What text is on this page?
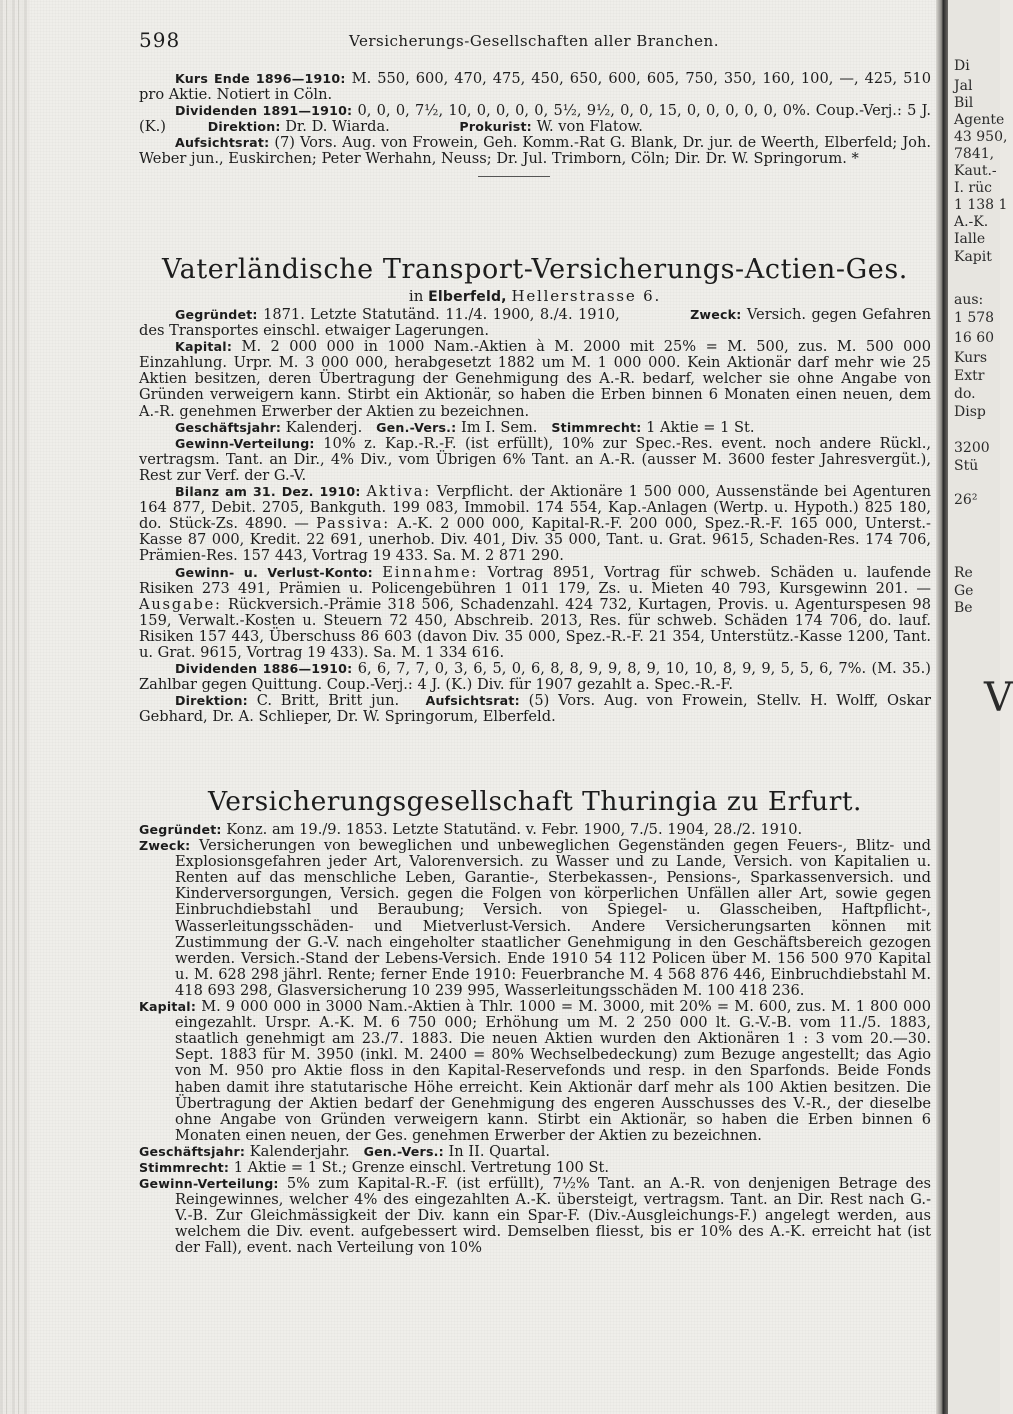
598	Versicherungs-Gesellschaften aller Branchen.

Kurs Ende 1896—1910: M. 550, 600, 470, 475, 450, 650, 600, 605, 750, 350, 160, 100, —, 425, 510 pro Aktie. Notiert in Cöln.

Dividenden 1891—1910: 0, 0, 0, 7½, 10, 0, 0, 0, 0, 5½, 9½, 0, 0, 15, 0, 0, 0, 0, 0, 0%. Coup.-Verj.: 5 J. (K.)	Direktion: Dr. D. Wiarda.	Prokurist: W. von Flatow.

Aufsichtsrat: (7) Vors. Aug. von Frowein, Geh. Komm.-Rat G. Blank, Dr. jur. de Weerth, Elberfeld; Joh. Weber jun., Euskirchen; Peter Werhahn, Neuss; Dr. Jul. Trimborn, Cöln; Dir. Dr. W. Springorum. *

Vaterländische Transport-Versicherungs-Actien-Ges.
in Elberfeld, Hellerstrasse 6.

Gegründet: 1871. Letzte Statutänd. 11./4. 1900, 8./4. 1910,	Zweck: Versich. gegen Gefahren des Transportes einschl. etwaiger Lagerungen.

Kapital: M. 2 000 000 in 1000 Nam.-Aktien à M. 2000 mit 25% = M. 500, zus. M. 500 000 Einzahlung. Urpr. M. 3 000 000, herabgesetzt 1882 um M. 1 000 000. Kein Aktionär darf mehr wie 25 Aktien besitzen, deren Übertragung der Genehmigung des A.-R. bedarf, welcher sie ohne Angabe von Gründen verweigern kann. Stirbt ein Aktionär, so haben die Erben binnen 6 Monaten einen neuen, dem A.-R. genehmen Erwerber der Aktien zu bezeichnen.

Geschäftsjahr: Kalenderj. Gen.-Vers.: Im I. Sem. Stimmrecht: 1 Aktie = 1 St.

Gewinn-Verteilung: 10% z. Kap.-R.-F. (ist erfüllt), 10% zur Spec.-Res. event. noch andere Rückl., vertragsm. Tant. an Dir., 4% Div., vom Übrigen 6% Tant. an A.-R. (ausser M. 3600 fester Jahresvergüt.), Rest zur Verf. der G.-V.

Bilanz am 31. Dez. 1910: Aktiva: Verpflicht. der Aktionäre 1 500 000, Aussenstände bei Agenturen 164 877, Debit. 2705, Bankguth. 199 083, Immobil. 174 554, Kap.-Anlagen (Wertp. u. Hypoth.) 825 180, do. Stück-Zs. 4890. — Passiva: A.-K. 2 000 000, Kapital-R.-F. 200 000, Spez.-R.-F. 165 000, Unterst.-Kasse 87 000, Kredit. 22 691, unerhob. Div. 401, Div. 35 000, Tant. u. Grat. 9615, Schaden-Res. 174 706, Prämien-Res. 157 443, Vortrag 19 433. Sa. M. 2 871 290.

Gewinn- u. Verlust-Konto: Einnahme: Vortrag 8951, Vortrag für schweb. Schäden u. laufende Risiken 273 491, Prämien u. Policengebühren 1 011 179, Zs. u. Mieten 40 793, Kursgewinn 201. — Ausgabe: Rückversich.-Prämie 318 506, Schadenzahl. 424 732, Kurtagen, Provis. u. Agenturspesen 98 159, Verwalt.-Kosten u. Steuern 72 450, Abschreib. 2013, Res. für schweb. Schäden 174 706, do. lauf. Risiken 157 443, Überschuss 86 603 (davon Div. 35 000, Spez.-R.-F. 21 354, Unterstütz.-Kasse 1200, Tant. u. Grat. 9615, Vortrag 19 433). Sa. M. 1 334 616.

Dividenden 1886—1910: 6, 6, 7, 7, 0, 3, 6, 5, 0, 6, 8, 8, 9, 9, 8, 9, 10, 10, 8, 9, 9, 5, 5, 6, 7%. (M. 35.) Zahlbar gegen Quittung. Coup.-Verj.: 4 J. (K.) Div. für 1907 gezahlt a. Spec.-R.-F.

Direktion: C. Britt, Britt jun. Aufsichtsrat: (5) Vors. Aug. von Frowein, Stellv. H. Wolff, Oskar Gebhard, Dr. A. Schlieper, Dr. W. Springorum, Elberfeld.

Versicherungsgesellschaft Thuringia zu Erfurt.

Gegründet: Konz. am 19./9. 1853. Letzte Statutänd. v. Febr. 1900, 7./5. 1904, 28./2. 1910.

Zweck: Versicherungen von beweglichen und unbeweglichen Gegenständen gegen Feuers-, Blitz- und Explosionsgefahren jeder Art, Valorenversich. zu Wasser und zu Lande, Versich. von Kapitalien u. Renten auf das menschliche Leben, Garantie-, Sterbekassen-, Pensions-, Sparkassenversich. und Kinderversorgungen, Versich. gegen die Folgen von körperlichen Unfällen aller Art, sowie gegen Einbruchdiebstahl und Beraubung; Versich. von Spiegel- u. Glasscheiben, Haftpflicht-, Wasserleitungsschäden- und Mietverlust-Versich. Andere Versicherungsarten können mit Zustimmung der G.-V. nach eingeholter staatlicher Genehmigung in den Geschäftsbereich gezogen werden. Versich.-Stand der Lebens-Versich. Ende 1910 54 112 Policen über M. 156 500 970 Kapital u. M. 628 298 jährl. Rente; ferner Ende 1910: Feuerbranche M. 4 568 876 446, Einbruchdiebstahl M. 418 693 298, Glasversicherung 10 239 995, Wasserleitungsschäden M. 100 418 236.

Kapital: M. 9 000 000 in 3000 Nam.-Aktien à Thlr. 1000 = M. 3000, mit 20% = M. 600, zus. M. 1 800 000 eingezahlt. Urspr. A.-K. M. 6 750 000; Erhöhung um M. 2 250 000 lt. G.-V.-B. vom 11./5. 1883, staatlich genehmigt am 23./7. 1883. Die neuen Aktien wurden den Aktionären 1 : 3 vom 20.—30. Sept. 1883 für M. 3950 (inkl. M. 2400 = 80% Wechselbedeckung) zum Bezuge angestellt; das Agio von M. 950 pro Aktie floss in den Kapital-Reservefonds und resp. in den Sparfonds. Beide Fonds haben damit ihre statutarische Höhe erreicht. Kein Aktionär darf mehr als 100 Aktien besitzen. Die Übertragung der Aktien bedarf der Genehmigung des engeren Ausschusses des V.-R., der dieselbe ohne Angabe von Gründen verweigern kann. Stirbt ein Aktionär, so haben die Erben binnen 6 Monaten einen neuen, der Ges. genehmen Erwerber der Aktien zu bezeichnen.

Geschäftsjahr: Kalenderjahr. Gen.-Vers.: In II. Quartal.

Stimmrecht: 1 Aktie = 1 St.; Grenze einschl. Vertretung 100 St.

Gewinn-Verteilung: 5% zum Kapital-R.-F. (ist erfüllt), 7½% Tant. an A.-R. von denjenigen Betrage des Reingewinnes, welcher 4% des eingezahlten A.-K. übersteigt, vertragsm. Tant. an Dir. Rest nach G.-V.-B. Zur Gleichmässigkeit der Div. kann ein Spar-F. (Div.-Ausgleichungs-F.) angelegt werden, aus welchem die Div. event. aufgebessert wird. Demselben fliesst, bis er 10% des A.-K. erreicht hat (ist der Fall), event. nach Verteilung von 10%

Di
Jal
Bil
Agente
43 950,
7841,
Kaut.-
I. rüc
1 138 1
A.-K.
Ialle
Kapit
aus:
1 578
16 60
Kurs
Extr
do.
Disp
3200
Stü
26²
Re
Ge
Be
V
